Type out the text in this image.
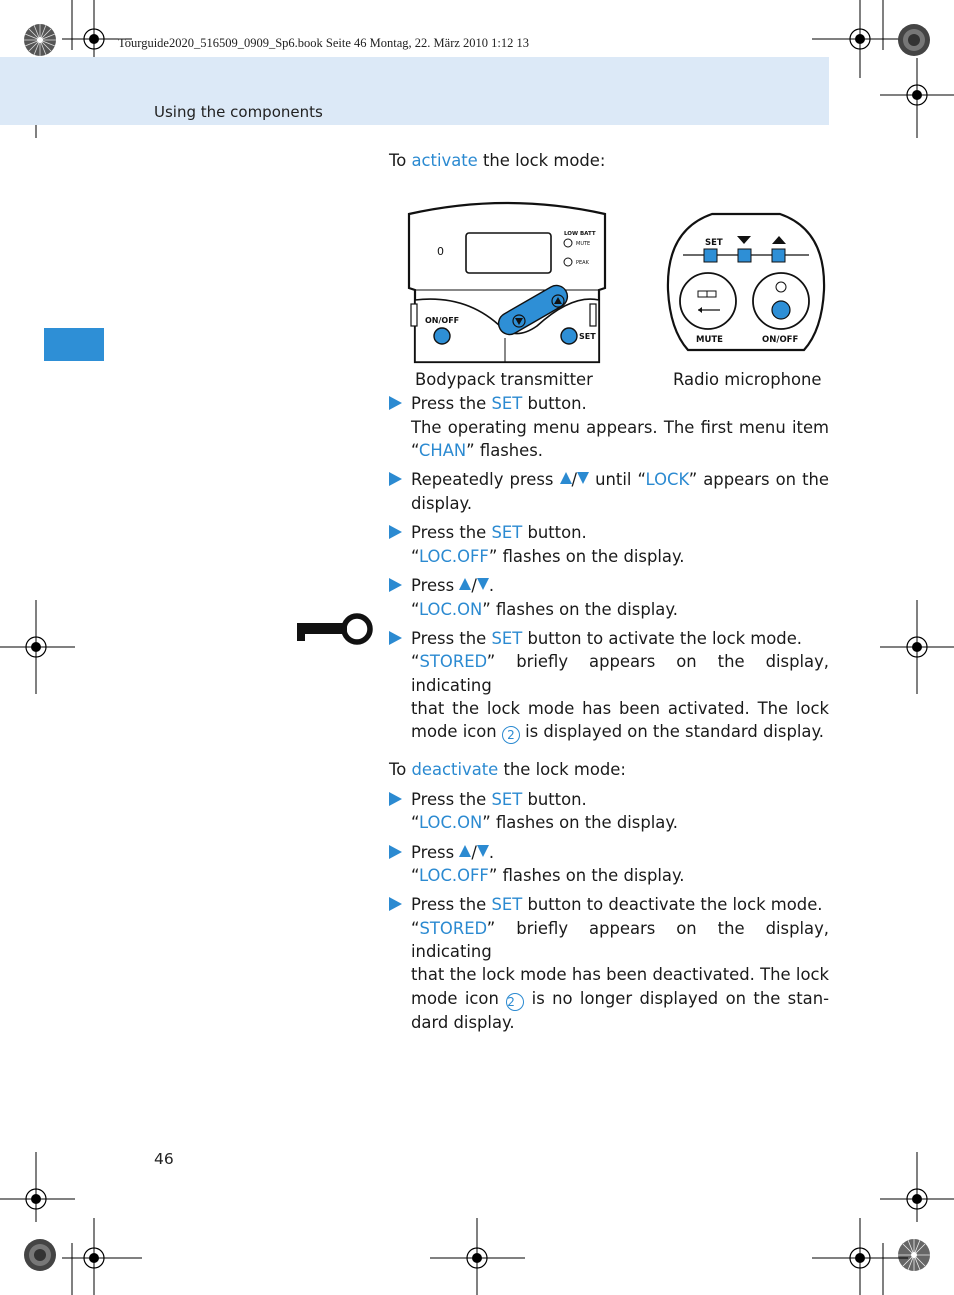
Tourguide2020_516509_0909_Sp6.book Seite 46 Montag, 22. März 2010 1:12 13
Using the components

To activate the lock mode:

0
LOW BATT
MUTE
PEAK
ON/OFF
SET
SET
MUTE	ON/OFF
Bodypack transmitter	Radio microphone
Press the SET button.
The operating menu appears. The first menu item
“CHAN” flashes.
Repeatedly press / until “LOCK” appears on the
display.
Press the SET button.
“LOC.OFF” flashes on the display.
Press / .
“LOC.ON” flashes on the display.
Press the SET button to activate the lock mode.
“STORED” briefly appears on the display, indicating
that the lock mode has been activated. The lock
mode icon 2 is displayed on the standard display.

To deactivate the lock mode:

Press the SET button.
“LOC.ON” flashes on the display.
Press / .
“LOC.OFF” flashes on the display.
Press the SET button to deactivate the lock mode.
“STORED” briefly appears on the display, indicating
that the lock mode has been deactivated. The lock
mode icon 2 is no longer displayed on the stan-
dard display.
46
